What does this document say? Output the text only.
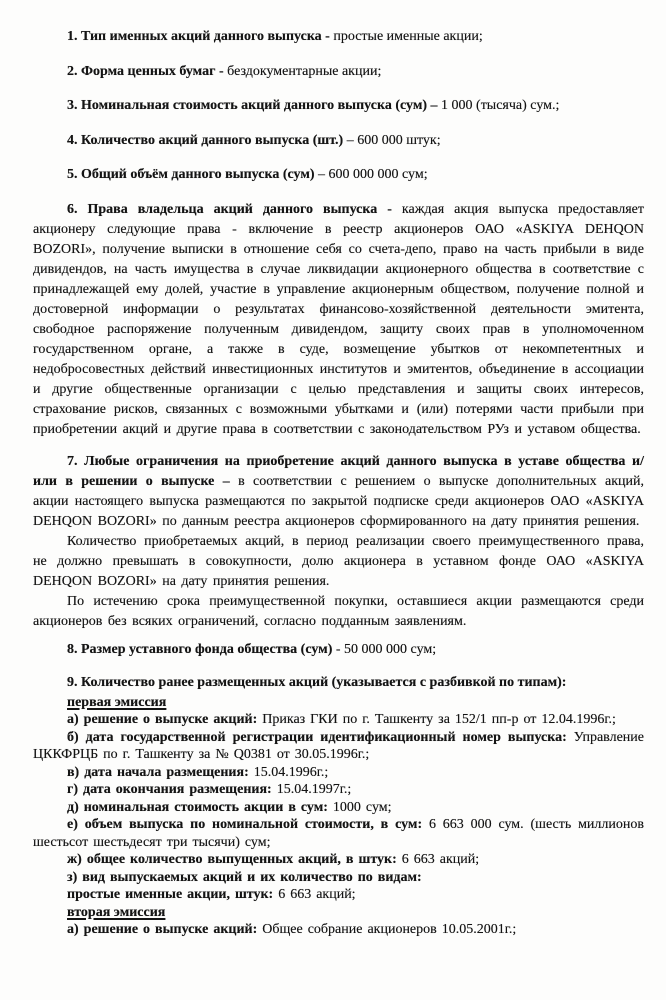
1. Тип именных акций данного выпуска - простые именные акции;

2. Форма ценных бумаг - бездокументарные акции;

3. Номинальная стоимость акций данного выпуска (сум) – 1 000 (тысяча) сум.;

4. Количество акций данного выпуска (шт.) – 600 000 штук;

5. Общий объём данного выпуска (сум) – 600 000 000 сум;

6. Права владельца акций данного выпуска - каждая акция выпуска предоставляет акционеру следующие права - включение в реестр акционеров ОАО «ASKIYA DEHQON BOZORI», получение выписки в отношение себя со счета-депо, право на часть прибыли в виде дивидендов, на часть имущества в случае ликвидации акционерного общества в соответствие с принадлежащей ему долей, участие в управление акционерным обществом, получение полной и достоверной информации о результатах финансово-хозяйственной деятельности эмитента, свободное распоряжение полученным дивидендом, защиту своих прав в уполномоченном государственном органе, а также в суде, возмещение убытков от некомпетентных и недобросовестных действий инвестиционных институтов и эмитентов, объединение в ассоциации и другие общественные организации с целью представления и защиты своих интересов, страхование рисков, связанных с возможными убытками и (или) потерями части прибыли при приобретении акций и другие права в соответствии с законодательством РУз и уставом общества.

7. Любые ограничения на приобретение акций данного выпуска в уставе общества и/или в решении о выпуске – в соответствии с решением о выпуске дополнительных акций, акции настоящего выпуска размещаются по закрытой подписке среди акционеров ОАО «ASKIYA DEHQON BOZORI» по данным реестра акционеров сформированного на дату принятия решения.

Количество приобретаемых акций, в период реализации своего преимущественного права, не должно превышать в совокупности, долю акционера в уставном фонде ОАО «ASKIYA DEHQON BOZORI» на дату принятия решения.

По истечению срока преимущественной покупки, оставшиеся акции размещаются среди акционеров без всяких ограничений, согласно подданным заявлениям.

8. Размер уставного фонда общества (сум) - 50 000 000 сум;

9. Количество ранее размещенных акций (указывается с разбивкой по типам):

первая эмиссия

а) решение о выпуске акций: Приказ ГКИ по г. Ташкенту за 152/1 пп-р от 12.04.1996г.;

б) дата государственной регистрации идентификационный номер выпуска: Управление ЦККФРЦБ по г. Ташкенту за № Q0381 от 30.05.1996г.;

в) дата начала размещения: 15.04.1996г.;

г) дата окончания размещения: 15.04.1997г.;

д) номинальная стоимость акции в сум: 1000 сум;

е) объем выпуска по номинальной стоимости, в сум: 6 663 000 сум. (шесть миллионов шестьсот шестьдесят три тысячи) сум;

ж) общее количество выпущенных акций, в штук: 6 663 акций;

з) вид выпускаемых акций и их количество по видам:

простые именные акции, штук: 6 663 акций;

вторая эмиссия

а) решение о выпуске акций: Общее собрание акционеров 10.05.2001г.;
